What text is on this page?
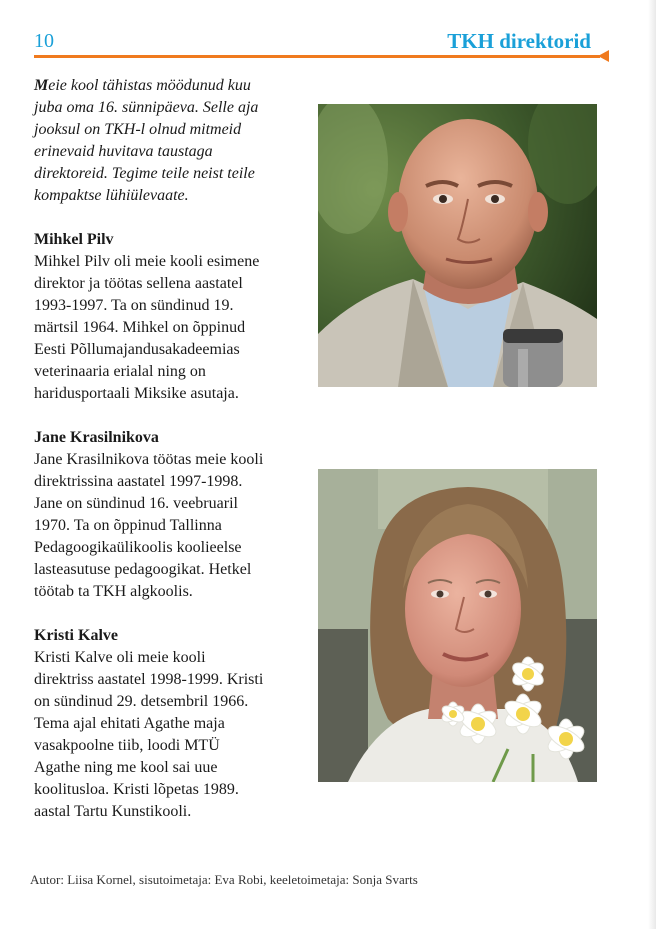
10	TKH direktorid

Meie kool tähistas möödunud kuu
juba oma 16. sünnipäeva. Selle aja
jooksul on TKH-l olnud mitmeid
erinevaid huvitava taustaga
direktoreid. Tegime teile neist teile
kompaktse lühiülevaate.

Mihkel Pilv
Mihkel Pilv oli meie kooli esimene
direktor ja töötas sellena aastatel
1993-1997. Ta on sündinud 19.
märtsil 1964. Mihkel on õppinud
Eesti Põllumajandusakadeemias
veterinaaria erialal ning on
haridusportaali Miksike asutaja.

Jane Krasilnikova
Jane Krasilnikova töötas meie kooli
direktrissina aastatel 1997-1998.
Jane on sündinud 16. veebruaril
1970. Ta on õppinud Tallinna
Pedagoogikaülikoolis koolieelse
lasteasutuse pedagoogikat. Hetkel
töötab ta TKH algkoolis.

Kristi Kalve
Kristi Kalve oli meie kooli
direktriss aastatel 1998-1999. Kristi
on sündinud 29. detsembril 1966.
Tema ajal ehitati Agathe maja
vasakpoolne tiib, loodi MTÜ
Agathe ning me kool sai uue
koolitusloa. Kristi lõpetas 1989.
aastal Tartu Kunstikooli.

Autor: Liisa Kornel, sisutoimetaja: Eva Robi, keeletoimetaja: Sonja Svarts
